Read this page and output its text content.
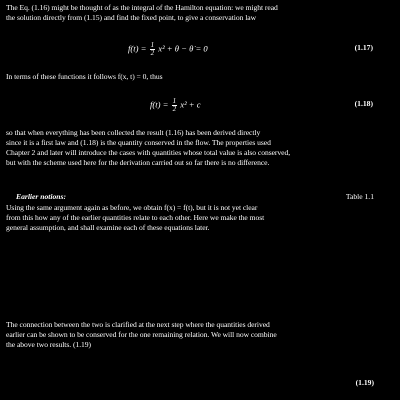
The Eq. (1.16) might be thought of as the integral of the Hamilton equation: we might read
the solution directly from (1.15) and find the fixed point, to give a conservation law
$f(t) = \frac{1}{2} x^2 + \theta$ − θ̇ = 0	(1.17)
In terms of these functions it follows f(x, t) = 0, thus
$f(t) = \frac{1}{2} x^2 + c$	(1.18)
so that when everything has been collected the result (1.16) has been derived directly
since it is a first law and (1.18) is the quantity conserved in the flow. The properties used
Chapter 2 and later will introduce the cases with quantities whose total value is also conserved,
but with the scheme used here for the derivation carried out so far there is no difference.
Earlier notions:	Table 1.1
Using the same argument again as before, we obtain f(x) = f(t), but it is not yet clear
from this how any of the earlier quantities relate to each other. Here we make the most
general assumption, and shall examine each of these equations later.
The connection between the two is clarified at the next step where the quantities derived
earlier can be shown to be conserved for the one remaining relation. We will now combine
the above two results. (1.19)
(1.19)
